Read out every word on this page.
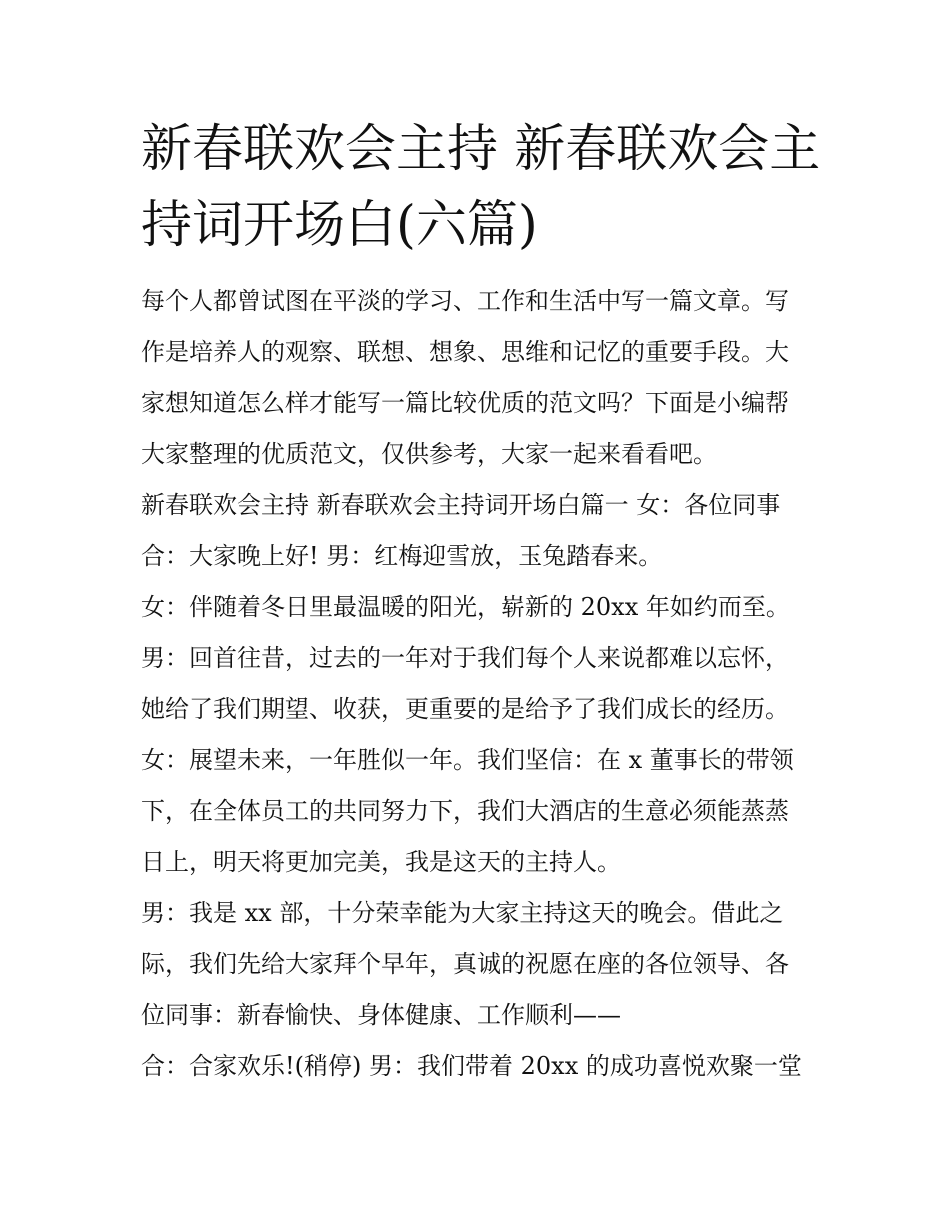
新春联欢会主持 新春联欢会主
持词开场白(六篇)
每个人都曾试图在平淡的学习、工作和生活中写一篇文章。写
作是培养人的观察、联想、想象、思维和记忆的重要手段。大
家想知道怎么样才能写一篇比较优质的范文吗？下面是小编帮
大家整理的优质范文，仅供参考，大家一起来看看吧。
新春联欢会主持 新春联欢会主持词开场白篇一 女：各位同事
合：大家晚上好! 男：红梅迎雪放，玉兔踏春来。
女：伴随着冬日里最温暖的阳光，崭新的 20xx 年如约而至。
男：回首往昔，过去的一年对于我们每个人来说都难以忘怀，
她给了我们期望、收获，更重要的是给予了我们成长的经历。
女：展望未来，一年胜似一年。我们坚信：在 x 董事长的带领
下，在全体员工的共同努力下，我们大酒店的生意必须能蒸蒸
日上，明天将更加完美，我是这天的主持人。
男：我是 xx 部，十分荣幸能为大家主持这天的晚会。借此之
际，我们先给大家拜个早年，真诚的祝愿在座的各位领导、各
位同事：新春愉快、身体健康、工作顺利——
合：合家欢乐!(稍停) 男：我们带着 20xx 的成功喜悦欢聚一堂
